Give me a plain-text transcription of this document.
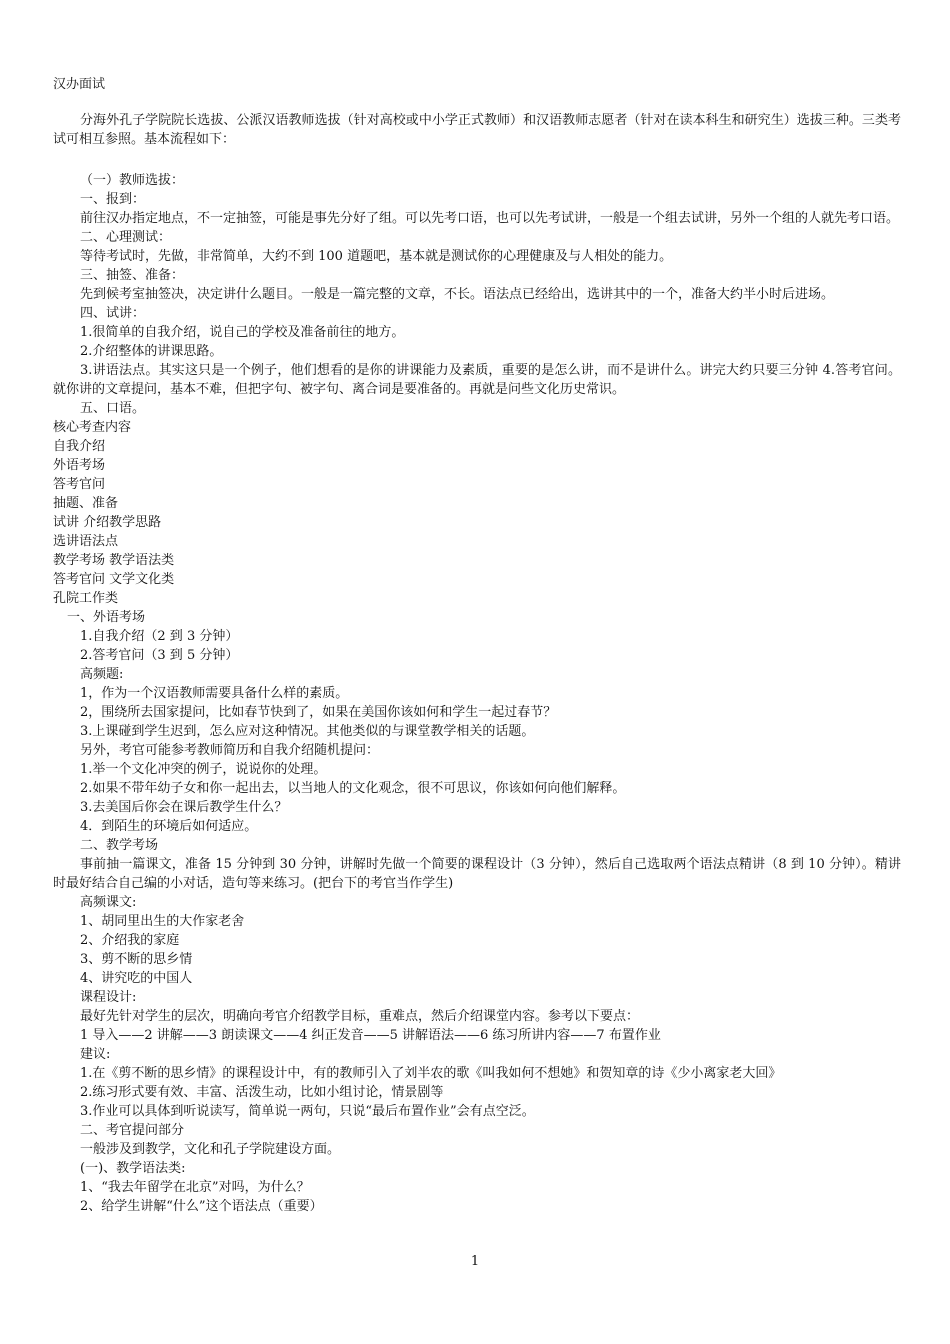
汉办面试
分海外孔子学院院长选拔、公派汉语教师选拔（针对高校或中小学正式教师）和汉语教师志愿者（针对在读本科生和研究生）选拔三种。三类考试可相互参照。基本流程如下：
（一）教师选拔：
一、报到：
前往汉办指定地点，不一定抽签，可能是事先分好了组。可以先考口语，也可以先考试讲，一般是一个组去试讲，另外一个组的人就先考口语。
二、心理测试：
等待考试时，先做，非常简单，大约不到 100 道题吧，基本就是测试你的心理健康及与人相处的能力。
三、抽签、准备：
先到候考室抽签决，决定讲什么题目。一般是一篇完整的文章，不长。语法点已经给出，选讲其中的一个，准备大约半小时后进场。
四、试讲：
1.很简单的自我介绍，说自己的学校及准备前往的地方。
2.介绍整体的讲课思路。
3.讲语法点。其实这只是一个例子，他们想看的是你的讲课能力及素质，重要的是怎么讲，而不是讲什么。讲完大约只要三分钟 4.答考官问。就你讲的文章提问，基本不难，但把字句、被字句、离合词是要准备的。再就是问些文化历史常识。
五、口语。
核心考查内容
自我介绍
外语考场
答考官问
抽题、准备
试讲 介绍教学思路
选讲语法点
教学考场 教学语法类
答考官问 文学文化类
孔院工作类
一、外语考场
1.自我介绍（2 到 3 分钟）
2.答考官问（3 到 5 分钟）
高频题:
1，作为一个汉语教师需要具备什么样的素质。
2，围绕所去国家提问，比如春节快到了，如果在美国你该如何和学生一起过春节？
3.上课碰到学生迟到，怎么应对这种情况。其他类似的与课堂教学相关的话题。
另外，考官可能参考教师简历和自我介绍随机提问：
1.举一个文化冲突的例子，说说你的处理。
2.如果不带年幼子女和你一起出去，以当地人的文化观念，很不可思议，你该如何向他们解释。
3.去美国后你会在课后教学生什么？
4．到陌生的环境后如何适应。
二、教学考场
事前抽一篇课文，准备 15 分钟到 30 分钟，讲解时先做一个简要的课程设计（3 分钟），然后自己选取两个语法点精讲（8 到 10 分钟）。精讲时最好结合自己编的小对话，造句等来练习。(把台下的考官当作学生)
高频课文:
1、胡同里出生的大作家老舍
2、介绍我的家庭
3、剪不断的思乡情
4、讲究吃的中国人
课程设计:
最好先针对学生的层次，明确向考官介绍教学目标，重难点，然后介绍课堂内容。参考以下要点：
1 导入——2 讲解——3 朗读课文——4 纠正发音——5 讲解语法——6 练习所讲内容——7 布置作业
建议:
1.在《剪不断的思乡情》的课程设计中，有的教师引入了刘半农的歌《叫我如何不想她》和贺知章的诗《少小离家老大回》
2.练习形式要有效、丰富、活泼生动，比如小组讨论，情景剧等
3.作业可以具体到听说读写，简单说一两句，只说“最后布置作业”会有点空泛。
二、考官提问部分
一般涉及到教学，文化和孔子学院建设方面。
(一)、教学语法类:
1、“我去年留学在北京”对吗，为什么？
2、给学生讲解“什么”这个语法点（重要）
1
